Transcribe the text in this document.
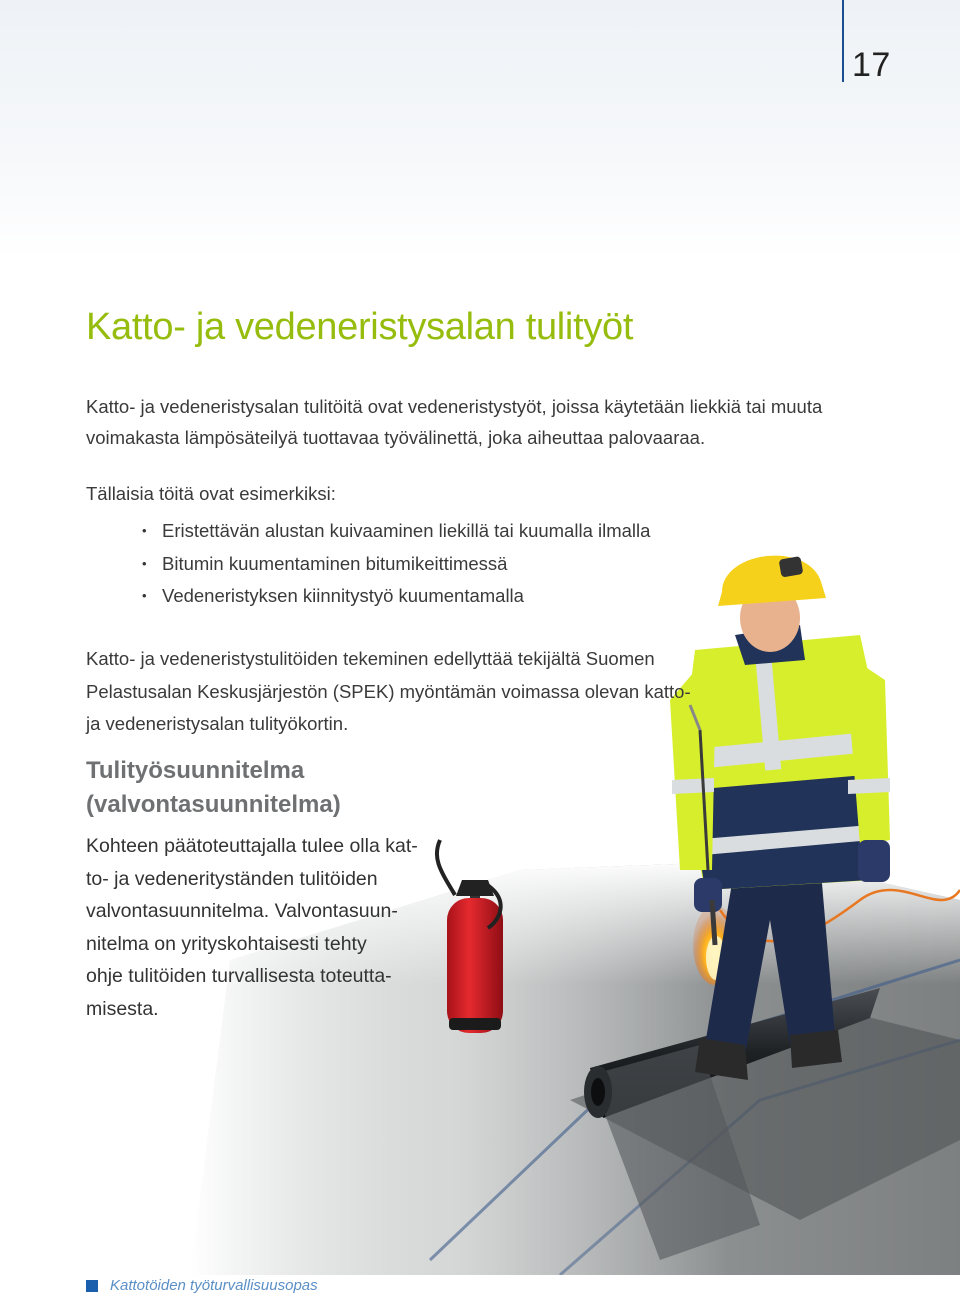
17
Katto- ja vedeneristysalan tulityöt

Katto- ja vedeneristysalan tulitöitä ovat vedeneristystyöt, joissa käytetään liekkiä tai muuta voimakasta lämpösäteilyä tuottavaa työvälinettä, joka aiheuttaa palovaaraa.

Tällaisia töitä ovat esimerkiksi:

• Eristettävän alustan kuivaaminen liekillä tai kuumalla ilmalla
• Bitumin kuumentaminen bitumikeittimessä
• Vedeneristyksen kiinnitystyö kuumentamalla

Katto- ja vedeneristystulitöiden tekeminen edellyttää tekijältä Suomen Pelastusalan Keskusjärjestön (SPEK) myöntämän voimassa olevan katto- ja vedeneristysalan tulityökortin.

Tulityösuunnitelma (valvontasuunnitelma)

Kohteen päätoteuttajalla tulee olla kat-
to- ja vedenerityständen tulitöiden
valvontasuunnitelma. Valvontasuun-
nitelma on yrityskohtaisesti tehty
ohje tulitöiden turvallisesta toteutta-
misesta.

Kattotöiden työturvallisuusopas
